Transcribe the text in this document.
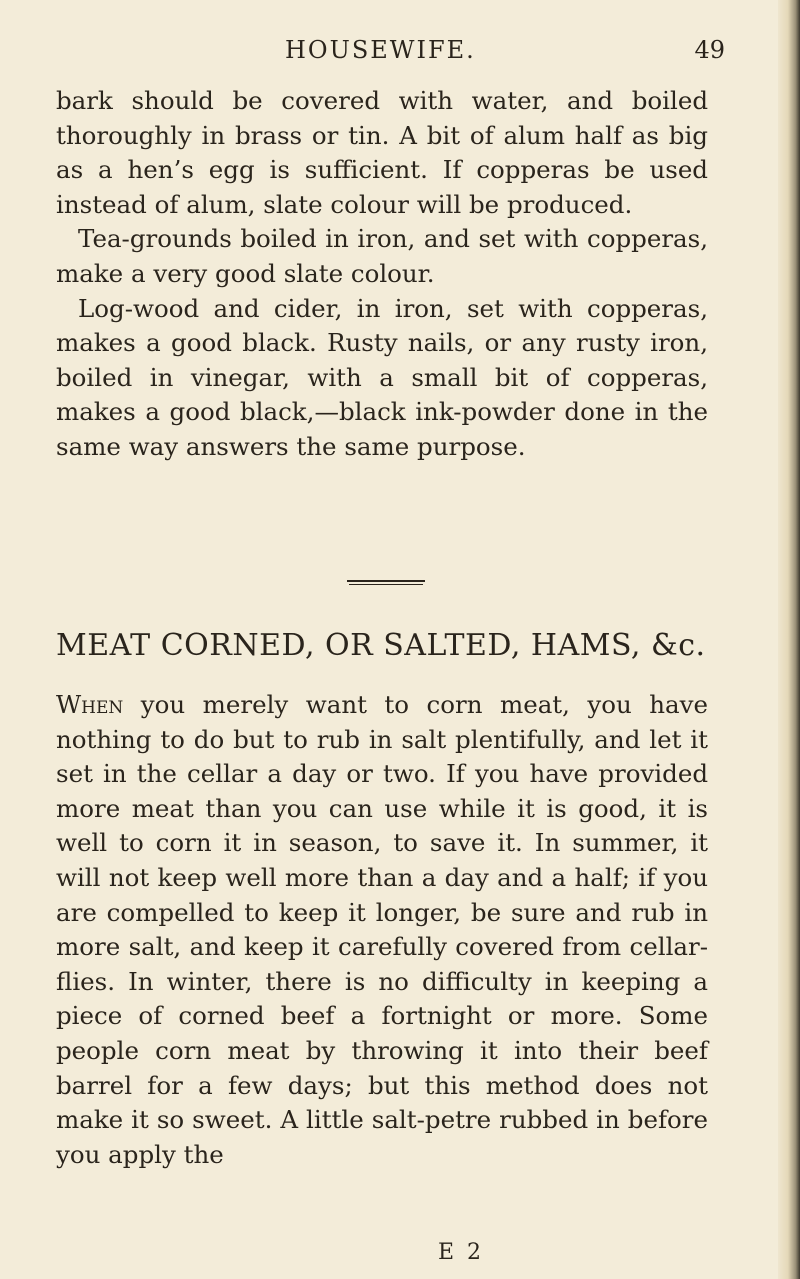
HOUSEWIFE.	49

bark should be covered with water, and boiled thoroughly in brass or tin. A bit of alum half as big as a hen’s egg is sufficient. If copperas be used instead of alum, slate colour will be produced.

Tea-grounds boiled in iron, and set with copperas, make a very good slate colour.

Log-wood and cider, in iron, set with copperas, makes a good black. Rusty nails, or any rusty iron, boiled in vinegar, with a small bit of copperas, makes a good black,—black ink-powder done in the same way answers the same purpose.

MEAT CORNED, OR SALTED, HAMS, &c.

When you merely want to corn meat, you have nothing to do but to rub in salt plentifully, and let it set in the cellar a day or two. If you have provided more meat than you can use while it is good, it is well to corn it in season, to save it. In summer, it will not keep well more than a day and a half; if you are compelled to keep it longer, be sure and rub in more salt, and keep it carefully covered from cellar-flies. In winter, there is no difficulty in keeping a piece of corned beef a fortnight or more. Some people corn meat by throwing it into their beef barrel for a few days; but this method does not make it so sweet. A little salt-petre rubbed in before you apply the

E 2
